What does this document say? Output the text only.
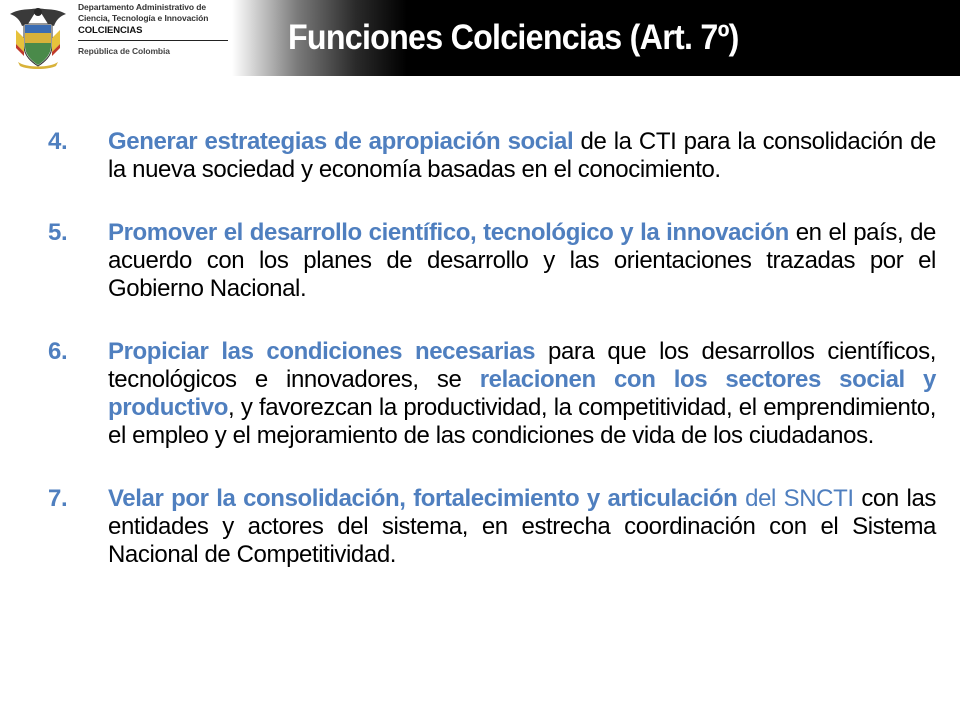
Departamento Administrativo de
Ciencia, Tecnología e Innovación
COLCIENCIAS
República de Colombia	Funciones Colciencias (Art. 7º)
4. Generar estrategias de apropiación social de la CTI para la consolidación de la nueva sociedad y economía basadas en el conocimiento.
5. Promover el desarrollo científico, tecnológico y la innovación en el país, de acuerdo con los planes de desarrollo y las orientaciones trazadas por el Gobierno Nacional.
6. Propiciar las condiciones necesarias para que los desarrollos científicos, tecnológicos e innovadores, se relacionen con los sectores social y productivo, y favorezcan la productividad, la competitividad, el emprendimiento, el empleo y el mejoramiento de las condiciones de vida de los ciudadanos.
7. Velar por la consolidación, fortalecimiento y articulación del SNCTI con las entidades y actores del sistema, en estrecha coordinación con el Sistema Nacional de Competitividad.
